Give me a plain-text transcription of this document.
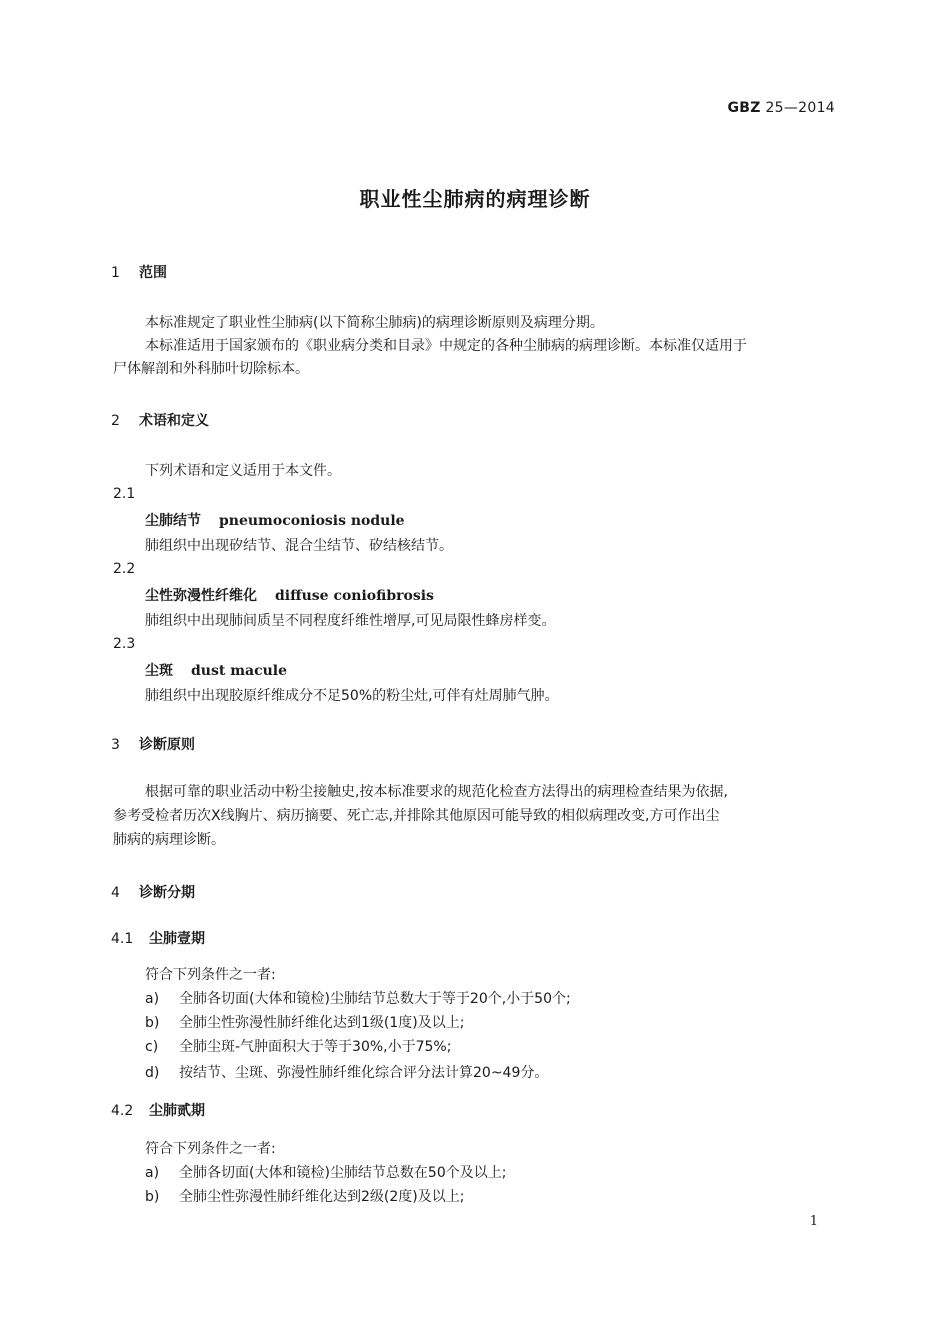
GBZ 25—2014
职业性尘肺病的病理诊断
1 范围
本标准规定了职业性尘肺病(以下简称尘肺病)的病理诊断原则及病理分期。
本标准适用于国家颁布的《职业病分类和目录》中规定的各种尘肺病的病理诊断。本标准仅适用于
尸体解剖和外科肺叶切除标本。
2 术语和定义
下列术语和定义适用于本文件。
2.1
尘肺结节 pneumoconiosis nodule
肺组织中出现矽结节、混合尘结节、矽结核结节。
2.2
尘性弥漫性纤维化 diffuse coniofibrosis
肺组织中出现肺间质呈不同程度纤维性增厚,可见局限性蜂房样变。
2.3
尘斑 dust macule
肺组织中出现胶原纤维成分不足50%的粉尘灶,可伴有灶周肺气肿。
3 诊断原则
根据可靠的职业活动中粉尘接触史,按本标准要求的规范化检查方法得出的病理检查结果为依据,
参考受检者历次X线胸片、病历摘要、死亡志,并排除其他原因可能导致的相似病理改变,方可作出尘
肺病的病理诊断。
4 诊断分期
4.1 尘肺壹期
符合下列条件之一者:
a) 全肺各切面(大体和镜检)尘肺结节总数大于等于20个,小于50个;
b) 全肺尘性弥漫性肺纤维化达到1级(1度)及以上;
c) 全肺尘斑-气肿面积大于等于30%,小于75%;
d) 按结节、尘斑、弥漫性肺纤维化综合评分法计算20~49分。
4.2 尘肺贰期
符合下列条件之一者:
a) 全肺各切面(大体和镜检)尘肺结节总数在50个及以上;
b) 全肺尘性弥漫性肺纤维化达到2级(2度)及以上;
1
